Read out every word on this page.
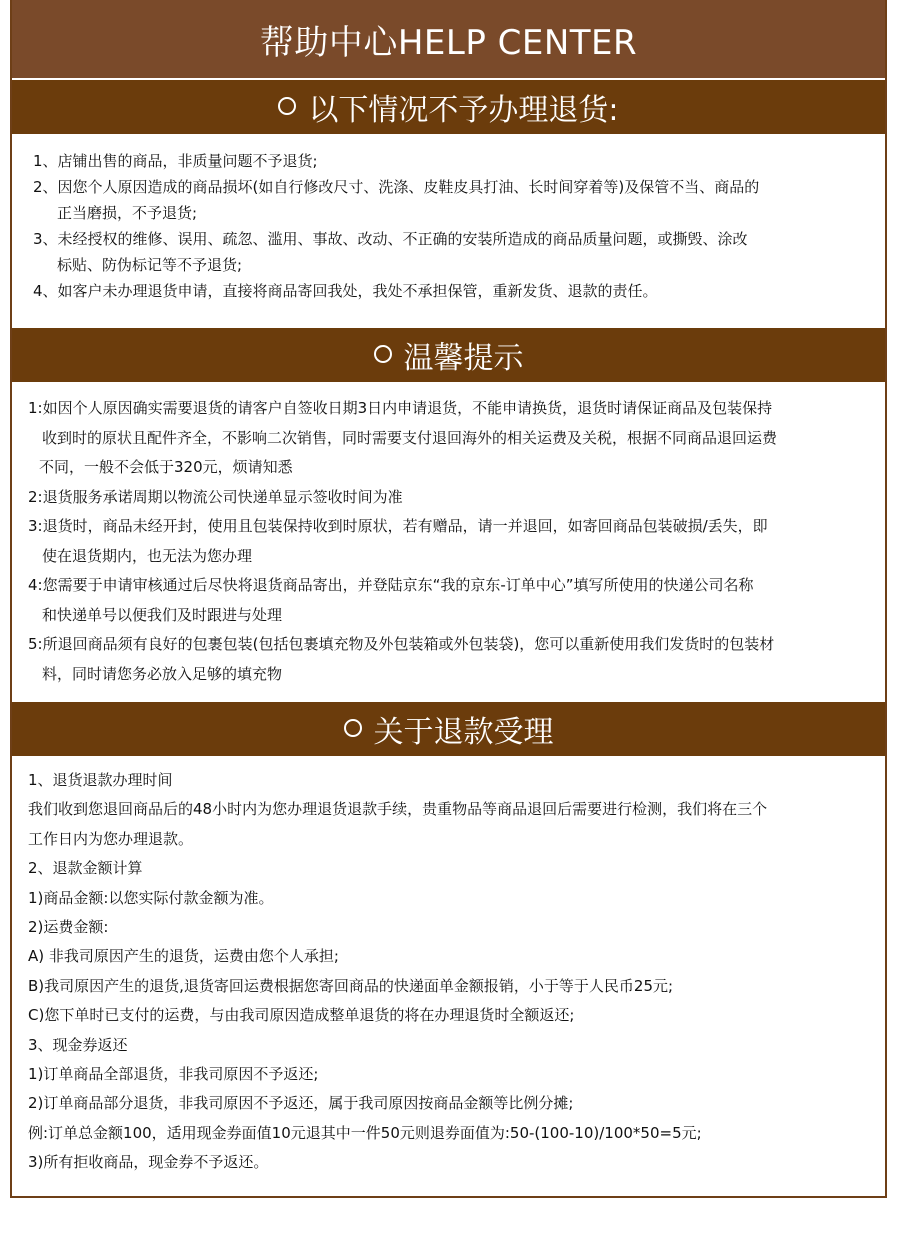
帮助中心HELP CENTER
以下情况不予办理退货:
1、店铺出售的商品，非质量问题不予退货;
2、因您个人原因造成的商品损坏(如自行修改尺寸、洗涤、皮鞋皮具打油、长时间穿着等)及保管不当、商品的
正当磨损，不予退货;
3、未经授权的维修、误用、疏忽、滥用、事故、改动、不正确的安装所造成的商品质量问题，或撕毁、涂改
标贴、防伪标记等不予退货;
4、如客户未办理退货申请，直接将商品寄回我处，我处不承担保管，重新发货、退款的责任。
温馨提示
1:如因个人原因确实需要退货的请客户自签收日期3日内申请退货，不能申请换货，退货时请保证商品及包装保持
收到时的原状且配件齐全，不影响二次销售，同时需要支付退回海外的相关运费及关税，根据不同商品退回运费
不同，一般不会低于320元，烦请知悉
2:退货服务承诺周期以物流公司快递单显示签收时间为准
3:退货时，商品未经开封，使用且包装保持收到时原状，若有赠品，请一并退回，如寄回商品包装破损/丢失，即
使在退货期内，也无法为您办理
4:您需要于申请审核通过后尽快将退货商品寄出，并登陆京东“我的京东-订单中心”填写所使用的快递公司名称
和快递单号以便我们及时跟进与处理
5:所退回商品须有良好的包裹包装(包括包裹填充物及外包装箱或外包装袋)，您可以重新使用我们发货时的包装材
料，同时请您务必放入足够的填充物
关于退款受理
1、退货退款办理时间
我们收到您退回商品后的48小时内为您办理退货退款手续，贵重物品等商品退回后需要进行检测，我们将在三个
工作日内为您办理退款。
2、退款金额计算
1)商品金额:以您实际付款金额为准。
2)运费金额:
A) 非我司原因产生的退货，运费由您个人承担;
B)我司原因产生的退货,退货寄回运费根据您寄回商品的快递面单金额报销，小于等于人民币25元;
C)您下单时已支付的运费，与由我司原因造成整单退货的将在办理退货时全额返还;
3、现金券返还
1)订单商品全部退货，非我司原因不予返还;
2)订单商品部分退货，非我司原因不予返还，属于我司原因按商品金额等比例分摊;
例:订单总金额100，适用现金券面值10元退其中一件50元则退券面值为:50-(100-10)/100*50=5元;
3)所有拒收商品，现金券不予返还。
